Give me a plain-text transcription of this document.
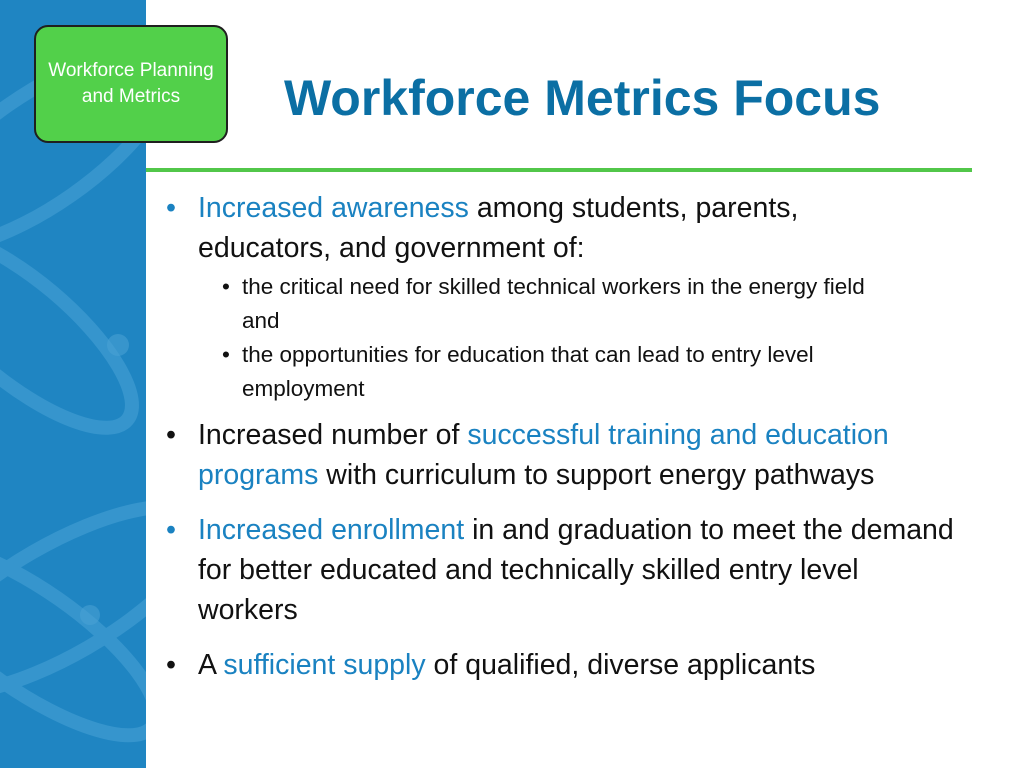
Workforce Planning and Metrics	Workforce Metrics Focus
• Increased awareness among students, parents, educators, and government of:
• the critical need for skilled technical workers in the energy field and
• the opportunities for education that can lead to entry level employment
• Increased number of successful training and education programs with curriculum to support energy pathways
• Increased enrollment in and graduation to meet the demand for better educated and technically skilled entry level workers
• A sufficient supply of qualified, diverse applicants
